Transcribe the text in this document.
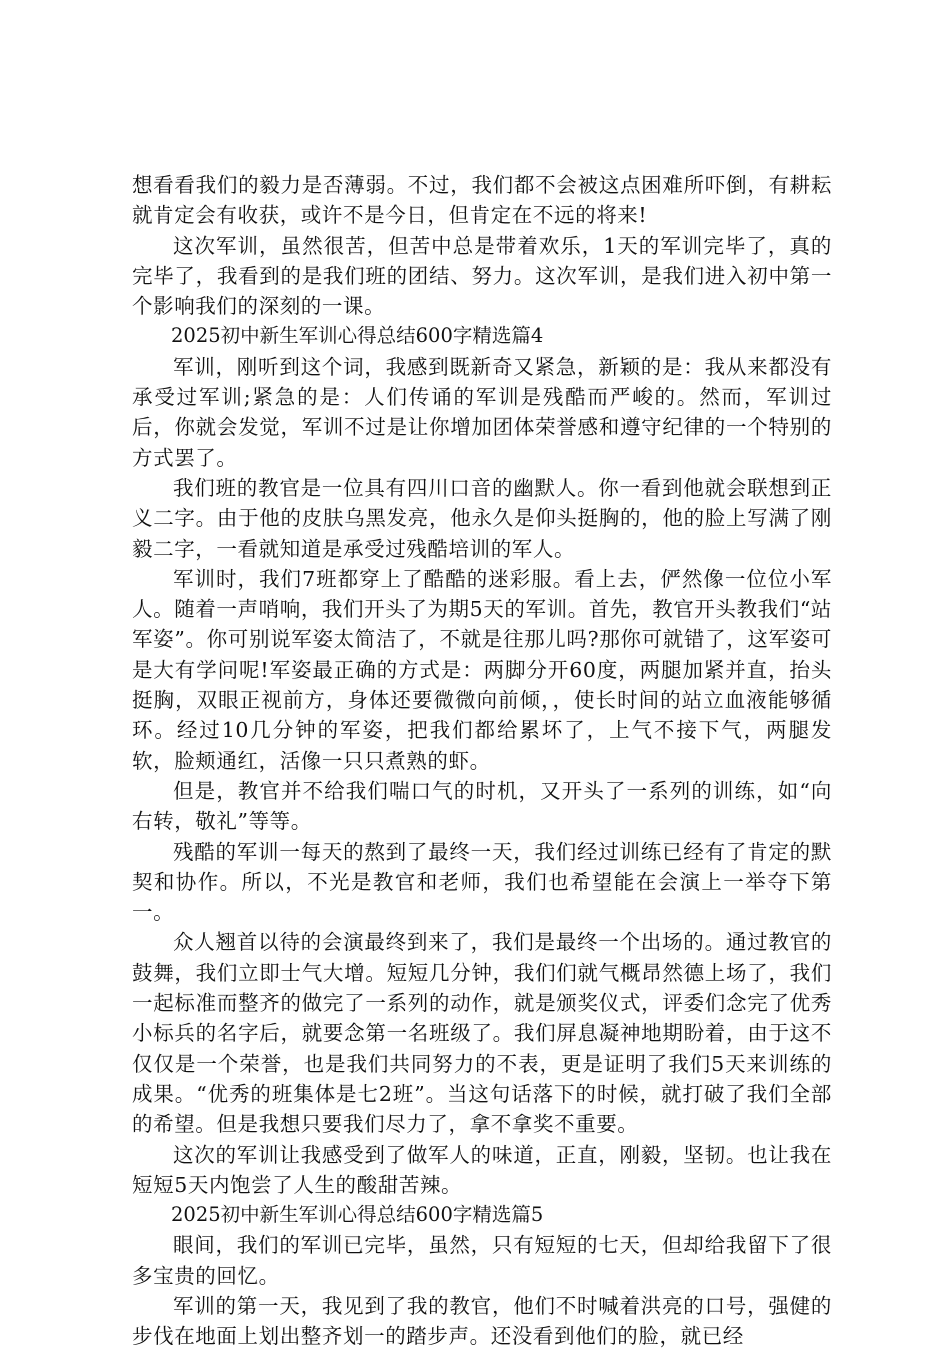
想看看我们的毅力是否薄弱。不过，我们都不会被这点困难所吓倒，有耕耘就肯定会有收获，或许不是今日，但肯定在不远的将来!

这次军训，虽然很苦，但苦中总是带着欢乐，1天的军训完毕了，真的完毕了，我看到的是我们班的团结、努力。这次军训，是我们进入初中第一个影响我们的深刻的一课。

2025初中新生军训心得总结600字精选篇4

军训，刚听到这个词，我感到既新奇又紧急，新颖的是：我从来都没有承受过军训;紧急的是：人们传诵的军训是残酷而严峻的。然而，军训过后，你就会发觉，军训不过是让你增加团体荣誉感和遵守纪律的一个特别的方式罢了。

我们班的教官是一位具有四川口音的幽默人。你一看到他就会联想到正义二字。由于他的皮肤乌黑发亮，他永久是仰头挺胸的，他的脸上写满了刚毅二字，一看就知道是承受过残酷培训的军人。

军训时，我们7班都穿上了酷酷的迷彩服。看上去，俨然像一位位小军人。随着一声哨响，我们开头了为期5天的军训。首先，教官开头教我们“站军姿”。你可别说军姿太简洁了，不就是往那儿吗?那你可就错了，这军姿可是大有学问呢!军姿最正确的方式是：两脚分开60度，两腿加紧并直，抬头挺胸，双眼正视前方，身体还要微微向前倾，，使长时间的站立血液能够循环。经过10几分钟的军姿，把我们都给累坏了，上气不接下气，两腿发软，脸颊通红，活像一只只煮熟的虾。

但是，教官并不给我们喘口气的时机，又开头了一系列的训练，如“向右转，敬礼”等等。

残酷的军训一每天的熬到了最终一天，我们经过训练已经有了肯定的默契和协作。所以，不光是教官和老师，我们也希望能在会演上一举夺下第一。

众人翘首以待的会演最终到来了，我们是最终一个出场的。通过教官的鼓舞，我们立即士气大增。短短几分钟，我们们就气概昂然德上场了，我们一起标准而整齐的做完了一系列的动作，就是颁奖仪式，评委们念完了优秀小标兵的名字后，就要念第一名班级了。我们屏息凝神地期盼着，由于这不仅仅是一个荣誉，也是我们共同努力的不表，更是证明了我们5天来训练的成果。“优秀的班集体是七2班”。当这句话落下的时候，就打破了我们全部的希望。但是我想只要我们尽力了，拿不拿奖不重要。

这次的军训让我感受到了做军人的味道，正直，刚毅，坚韧。也让我在短短5天内饱尝了人生的酸甜苦辣。

2025初中新生军训心得总结600字精选篇5

眼间，我们的军训已完毕，虽然，只有短短的七天，但却给我留下了很多宝贵的回忆。

军训的第一天，我见到了我的教官，他们不时喊着洪亮的口号，强健的步伐在地面上划出整齐划一的踏步声。还没看到他们的脸，就已经
